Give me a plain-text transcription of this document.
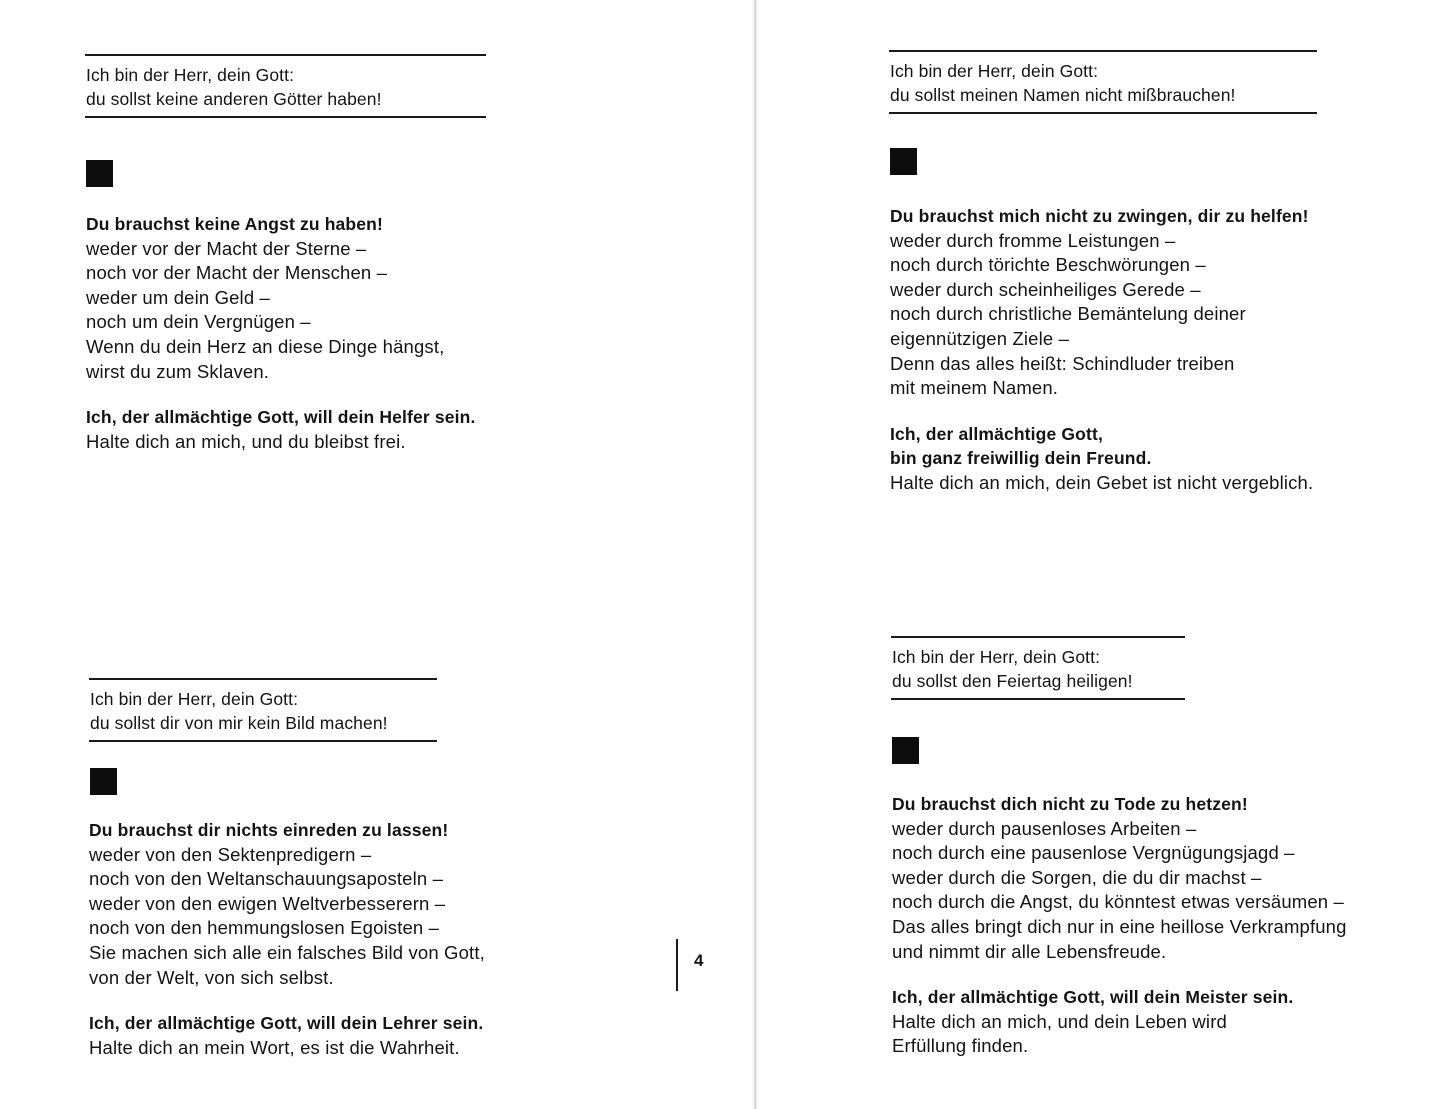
Ich bin der Herr, dein Gott:
du sollst keine anderen Götter haben!
Du brauchst keine Angst zu haben!
weder vor der Macht der Sterne –
noch vor der Macht der Menschen –
weder um dein Geld –
noch um dein Vergnügen –
Wenn du dein Herz an diese Dinge hängst,
wirst du zum Sklaven.
Ich, der allmächtige Gott, will dein Helfer sein.
Halte dich an mich, und du bleibst frei.
Ich bin der Herr, dein Gott:
du sollst dir von mir kein Bild machen!
Du brauchst dir nichts einreden zu lassen!
weder von den Sektenpredigern –
noch von den Weltanschauungsaposteln –
weder von den ewigen Weltverbesserern –
noch von den hemmungslosen Egoisten –
Sie machen sich alle ein falsches Bild von Gott,
von der Welt, von sich selbst.
Ich, der allmächtige Gott, will dein Lehrer sein.
Halte dich an mein Wort, es ist die Wahrheit.
4
Ich bin der Herr, dein Gott:
du sollst meinen Namen nicht mißbrauchen!
Du brauchst mich nicht zu zwingen, dir zu helfen!
weder durch fromme Leistungen –
noch durch törichte Beschwörungen –
weder durch scheinheiliges Gerede –
noch durch christliche Bemäntelung deiner
eigennützigen Ziele –
Denn das alles heißt: Schindluder treiben
mit meinem Namen.
Ich, der allmächtige Gott,
bin ganz freiwillig dein Freund.
Halte dich an mich, dein Gebet ist nicht vergeblich.
Ich bin der Herr, dein Gott:
du sollst den Feiertag heiligen!
Du brauchst dich nicht zu Tode zu hetzen!
weder durch pausenloses Arbeiten –
noch durch eine pausenlose Vergnügungsjagd –
weder durch die Sorgen, die du dir machst –
noch durch die Angst, du könntest etwas versäumen –
Das alles bringt dich nur in eine heillose Verkrampfung
und nimmt dir alle Lebensfreude.
Ich, der allmächtige Gott, will dein Meister sein.
Halte dich an mich, und dein Leben wird
Erfüllung finden.
